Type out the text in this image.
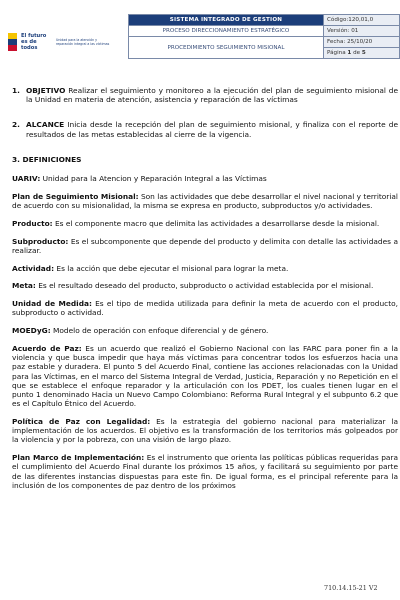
El futuro es de todos
Unidad para la atención y reparación integral a las víctimas
SISTEMA INTEGRADO DE GESTION	Código:120,01,0
PROCESO DIRECCIONAMIENTO ESTRATÉGICO	Versión: 01
PROCEDIMIENTO SEGUIMIENTO MISIONAL	Fecha: 25/10/20
	Página 1 de 5
1. OBJETIVO Realizar el seguimiento y monitoreo a la ejecución del plan de seguimiento misional de la Unidad en materia de atención, asistencia y reparación de las víctimas
2. ALCANCE Inicia desde la recepción del plan de seguimiento misional, y finaliza con el reporte de resultados de las metas establecidas al cierre de la vigencia.
3. DEFINICIONES

UARIV: Unidad para la Atencion y Reparación Integral a las Víctimas

Plan de Seguimiento Misional: Son las actividades que debe desarrollar el nivel nacional y territorial de acuerdo con su misionalidad, la misma se expresa en producto, subproductos y/o actividades.

Producto: Es el componente macro que delimita las actividades a desarrollarse desde la misional.

Subproducto: Es el subcomponente que depende del producto y delimita con detalle las actividades a realizar.

Actividad: Es la acción que debe ejecutar el misional para lograr la meta.

Meta: Es el resultado deseado del producto, subproducto o actividad establecida por el misional.

Unidad de Medida: Es el tipo de medida utilizada para definir la meta de acuerdo con el producto, subproducto o actividad.

MOEDyG: Modelo de operación con enfoque diferencial y de género.

Acuerdo de Paz: Es un acuerdo que realizó el Gobierno Nacional con las FARC para poner fin a la violencia y que busca impedir que haya más víctimas para concentrar todos los esfuerzos hacia una paz estable y duradera. El punto 5 del Acuerdo Final, contiene las acciones relacionadas con la Unidad para las Víctimas, en el marco del Sistema Integral de Verdad, Justicia, Reparación y no Repetición en el que se establece el enfoque reparador y la articulación con los PDET, los cuales tienen lugar en el punto 1 denominado Hacia un Nuevo Campo Colombiano: Reforma Rural Integral y el subpunto 6.2 que es el Capítulo Étnico del Acuerdo.

Política de Paz con Legalidad: Es la estrategia del gobierno nacional para materializar la implementación de los acuerdos. El objetivo es la transformación de los territorios más golpeados por la violencia y por la pobreza, con una visión de largo plazo.

Plan Marco de Implementación: Es el instrumento que orienta las políticas públicas requeridas para el cumplimiento del Acuerdo Final durante los próximos 15 años, y facilitará su seguimiento por parte de las diferentes instancias dispuestas para este fin. De igual forma, es el principal referente para la inclusión de los componentes de paz dentro de los próximos

710.14.15-21 V2
